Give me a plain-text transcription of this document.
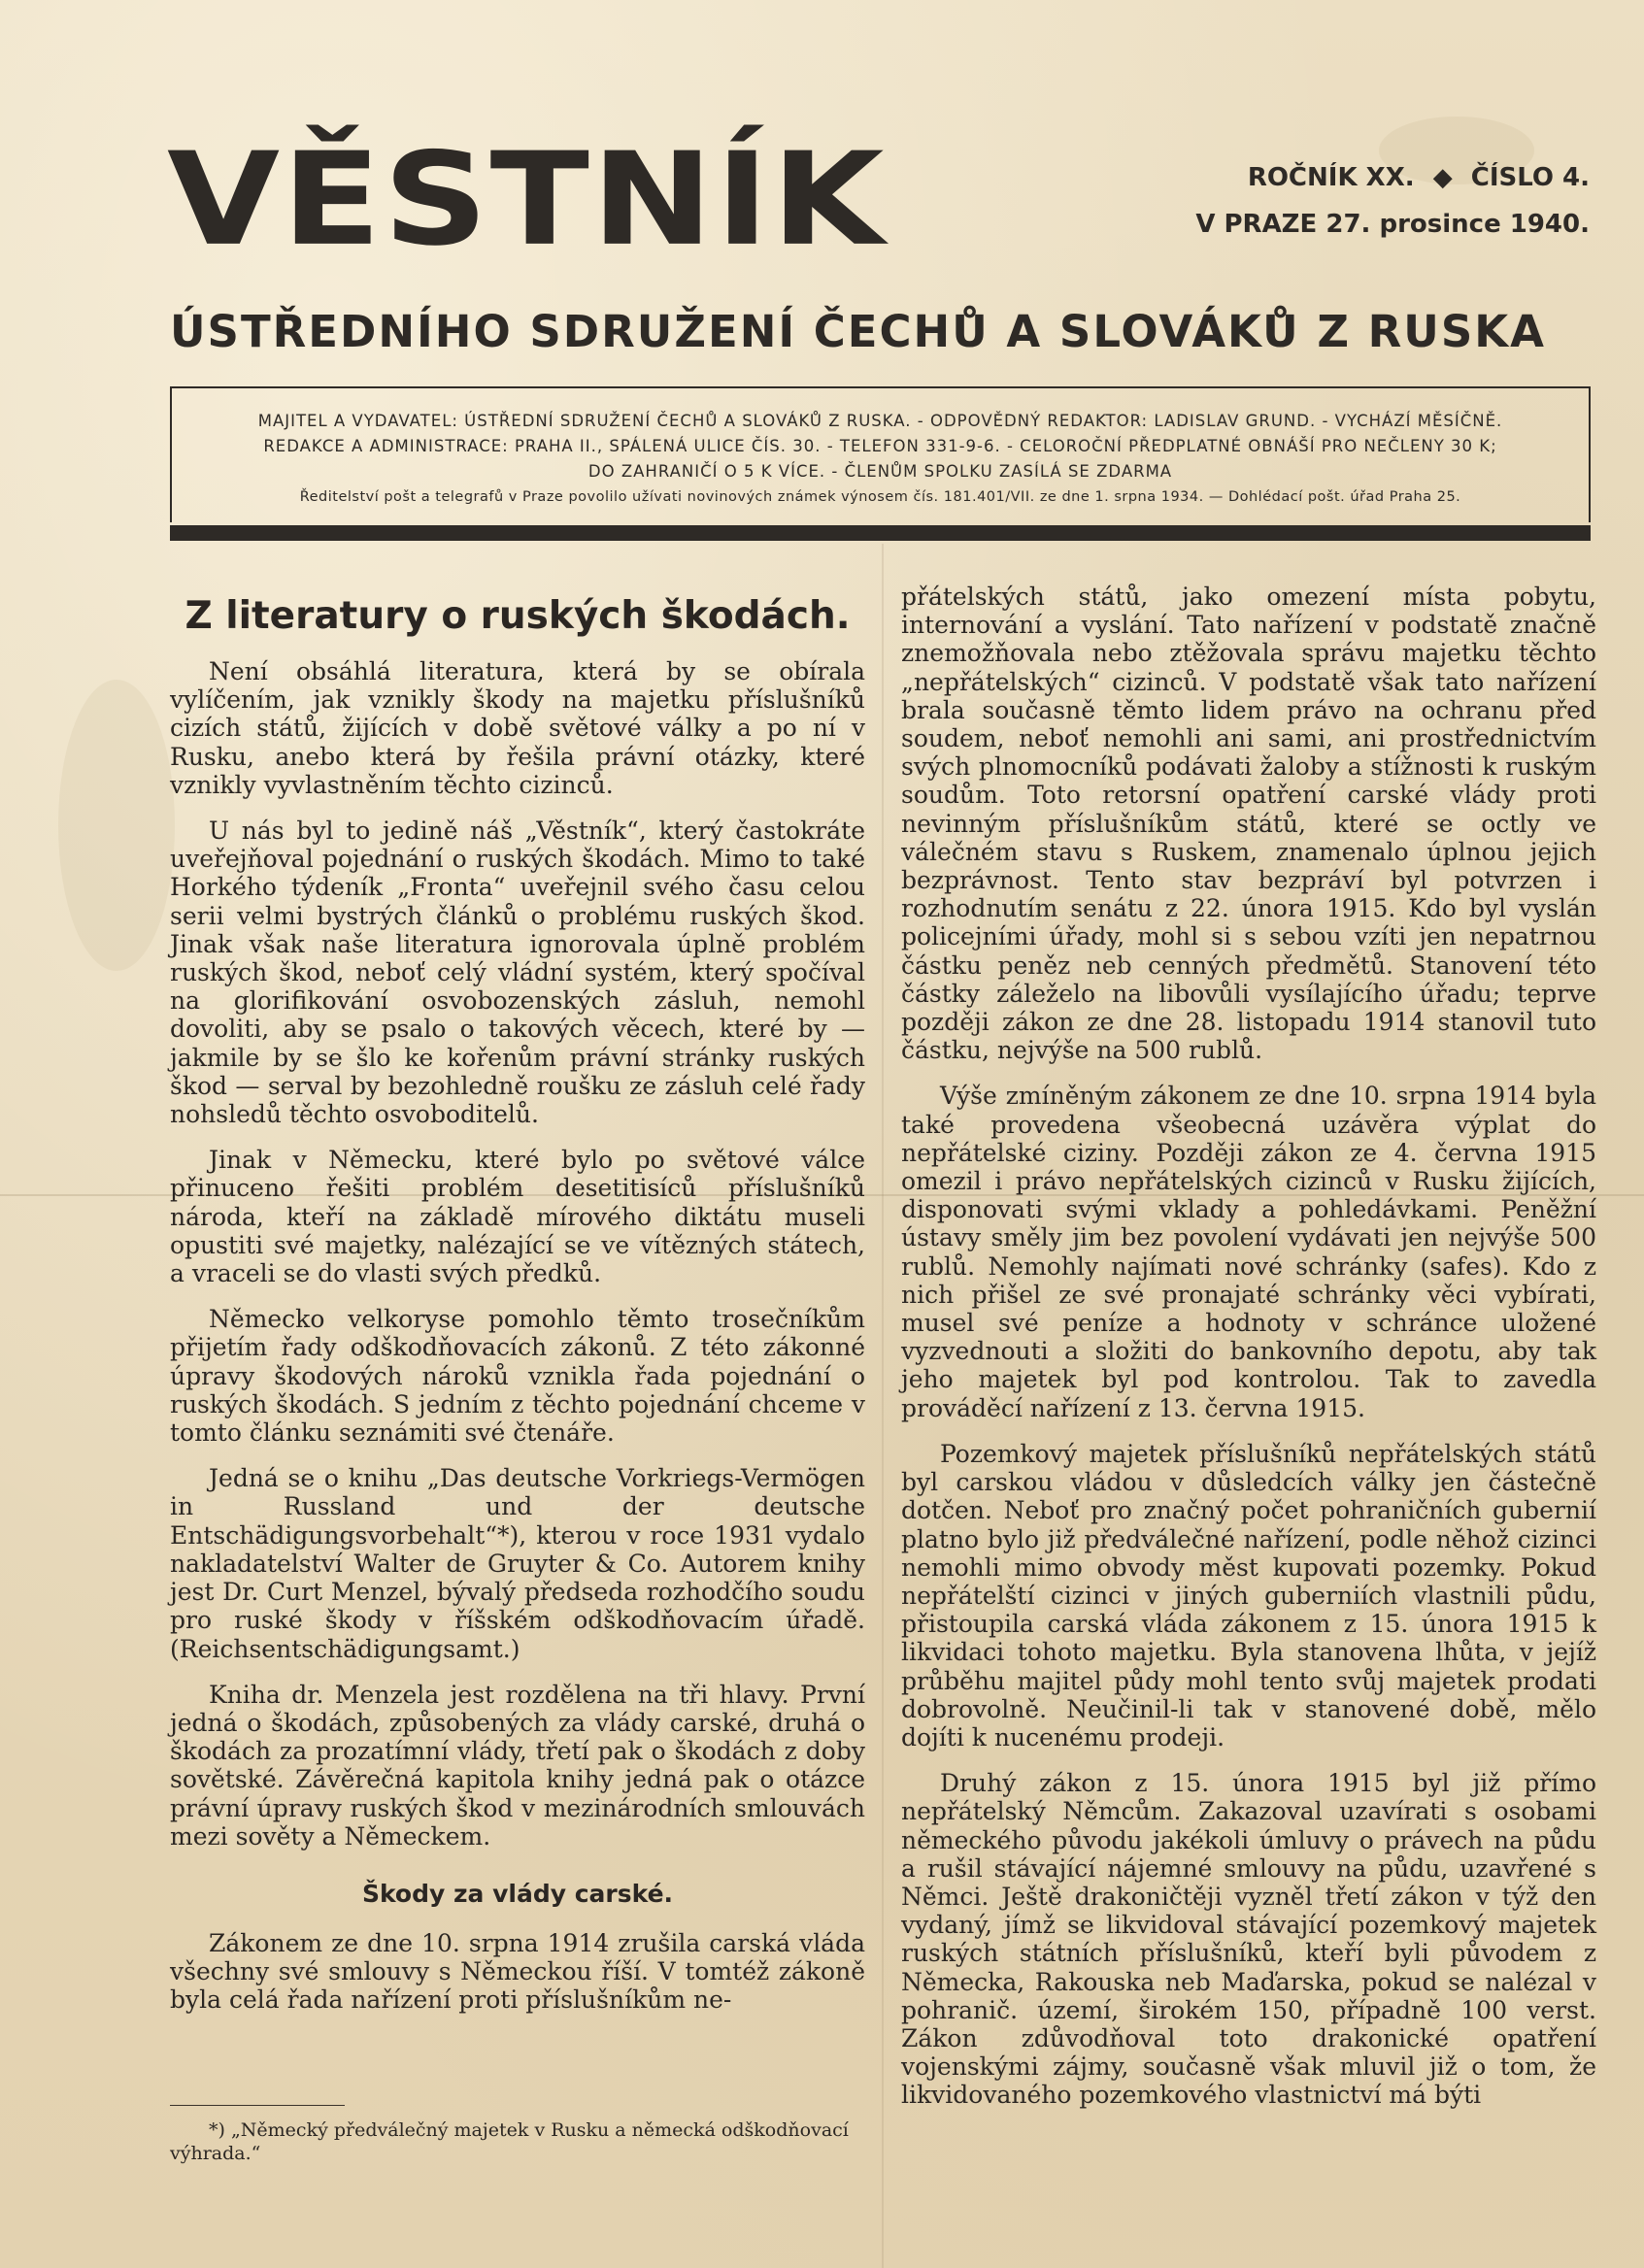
VĚSTNÍK	ROČNÍK XX. ◆ ČÍSLO 4.
V PRAZE 27. prosince 1940.
ÚSTŘEDNÍHO SDRUŽENÍ ČECHŮ A SLOVÁKŮ Z RUSKA
MAJITEL A VYDAVATEL: ÚSTŘEDNÍ SDRUŽENÍ ČECHŮ A SLOVÁKŮ Z RUSKA. - ODPOVĚDNÝ REDAKTOR: LADISLAV GRUND. - VYCHÁZÍ MĚSÍČNĚ.
REDAKCE A ADMINISTRACE: PRAHA II., SPÁLENÁ ULICE ČÍS. 30. - TELEFON 331-9-6. - CELOROČNÍ PŘEDPLATNÉ OBNÁŠÍ PRO NEČLENY 30 K;
DO ZAHRANIČÍ O 5 K VÍCE. - ČLENŮM SPOLKU ZASÍLÁ SE ZDARMA
Ředitelství pošt a telegrafů v Praze povolilo užívati novinových známek výnosem čís. 181.401/VII. ze dne 1. srpna 1934. — Dohlédací pošt. úřad Praha 25.
Z literatury o ruských škodách.

Není obsáhlá literatura, která by se obírala vylíčením, jak vznikly škody na majetku příslušníků cizích států, žijících v době světové války a po ní v Rusku, anebo která by řešila právní otázky, které vznikly vyvlastněním těchto cizinců.

U nás byl to jedině náš „Věstník“, který častokráte uveřejňoval pojednání o ruských škodách. Mimo to také Horkého týdeník „Fronta“ uveřejnil svého času celou serii velmi bystrých článků o problému ruských škod. Jinak však naše literatura ignorovala úplně problém ruských škod, neboť celý vládní systém, který spočíval na glorifikování osvobozenských zásluh, nemohl dovoliti, aby se psalo o takových věcech, které by — jakmile by se šlo ke kořenům právní stránky ruských škod — serval by bezohledně roušku ze zásluh celé řady nohsledů těchto osvoboditelů.

Jinak v Německu, které bylo po světové válce přinuceno řešiti problém desetitisíců příslušníků národa, kteří na základě mírového diktátu museli opustiti své majetky, nalézající se ve vítězných státech, a vraceli se do vlasti svých předků.

Německo velkoryse pomohlo těmto trosečníkům přijetím řady odškodňovacích zákonů. Z této zákonné úpravy škodových nároků vznikla řada pojednání o ruských škodách. S jedním z těchto pojednání chceme v tomto článku seznámiti své čtenáře.

Jedná se o knihu „Das deutsche Vorkriegs-Vermögen in Russland und der deutsche Entschädigungsvorbehalt“*), kterou v roce 1931 vydalo nakladatelství Walter de Gruyter & Co. Autorem knihy jest Dr. Curt Menzel, bývalý předseda rozhodčího soudu pro ruské škody v říšském odškodňovacím úřadě. (Reichsentschädigungsamt.)

Kniha dr. Menzela jest rozdělena na tři hlavy. První jedná o škodách, způsobených za vlády carské, druhá o škodách za prozatímní vlády, třetí pak o škodách z doby sovětské. Závěrečná kapitola knihy jedná pak o otázce právní úpravy ruských škod v mezinárodních smlouvách mezi sověty a Německem.

Škody za vlády carské.

Zákonem ze dne 10. srpna 1914 zrušila carská vláda všechny své smlouvy s Německou říší. V tomtéž zákoně byla celá řada nařízení proti příslušníkům ne-

*) „Německý předválečný majetek v Rusku a německá odškodňovací výhrada.“

přátelských států, jako omezení místa pobytu, internování a vyslání. Tato nařízení v podstatě značně znemožňovala nebo ztěžovala správu majetku těchto „nepřátelských“ cizinců. V podstatě však tato nařízení brala současně těmto lidem právo na ochranu před soudem, neboť nemohli ani sami, ani prostřednictvím svých plnomocníků podávati žaloby a stížnosti k ruským soudům. Toto retorsní opatření carské vlády proti nevinným příslušníkům států, které se octly ve válečném stavu s Ruskem, znamenalo úplnou jejich bezprávnost. Tento stav bezpráví byl potvrzen i rozhodnutím senátu z 22. února 1915. Kdo byl vyslán policejními úřady, mohl si s sebou vzíti jen nepatrnou částku peněz neb cenných předmětů. Stanovení této částky záleželo na libovůli vysílajícího úřadu; teprve později zákon ze dne 28. listopadu 1914 stanovil tuto částku, nejvýše na 500 rublů.

Výše zmíněným zákonem ze dne 10. srpna 1914 byla také provedena všeobecná uzávěra výplat do nepřátelské ciziny. Později zákon ze 4. června 1915 omezil i právo nepřátelských cizinců v Rusku žijících, disponovati svými vklady a pohledávkami. Peněžní ústavy směly jim bez povolení vydávati jen nejvýše 500 rublů. Nemohly najímati nové schránky (safes). Kdo z nich přišel ze své pronajaté schránky věci vybírati, musel své peníze a hodnoty v schránce uložené vyzvednouti a složiti do bankovního depotu, aby tak jeho majetek byl pod kontrolou. Tak to zavedla prováděcí nařízení z 13. června 1915.

Pozemkový majetek příslušníků nepřátelských států byl carskou vládou v důsledcích války jen částečně dotčen. Neboť pro značný počet pohraničních gubernií platno bylo již předválečné nařízení, podle něhož cizinci nemohli mimo obvody měst kupovati pozemky. Pokud nepřátelští cizinci v jiných guberniích vlastnili půdu, přistoupila carská vláda zákonem z 15. února 1915 k likvidaci tohoto majetku. Byla stanovena lhůta, v jejíž průběhu majitel půdy mohl tento svůj majetek prodati dobrovolně. Neučinil-li tak v stanovené době, mělo dojíti k nucenému prodeji.

Druhý zákon z 15. února 1915 byl již přímo nepřátelský Němcům. Zakazoval uzavírati s osobami německého původu jakékoli úmluvy o právech na půdu a rušil stávající nájemné smlouvy na půdu, uzavřené s Němci. Ještě drakoničtěji vyzněl třetí zákon v týž den vydaný, jímž se likvidoval stávající pozemkový majetek ruských státních příslušníků, kteří byli původem z Německa, Rakouska neb Maďarska, pokud se nalézal v pohranič. území, širokém 150, případně 100 verst. Zákon zdůvodňoval toto drakonické opatření vojenskými zájmy, současně však mluvil již o tom, že likvidovaného pozemkového vlastnictví má býti
